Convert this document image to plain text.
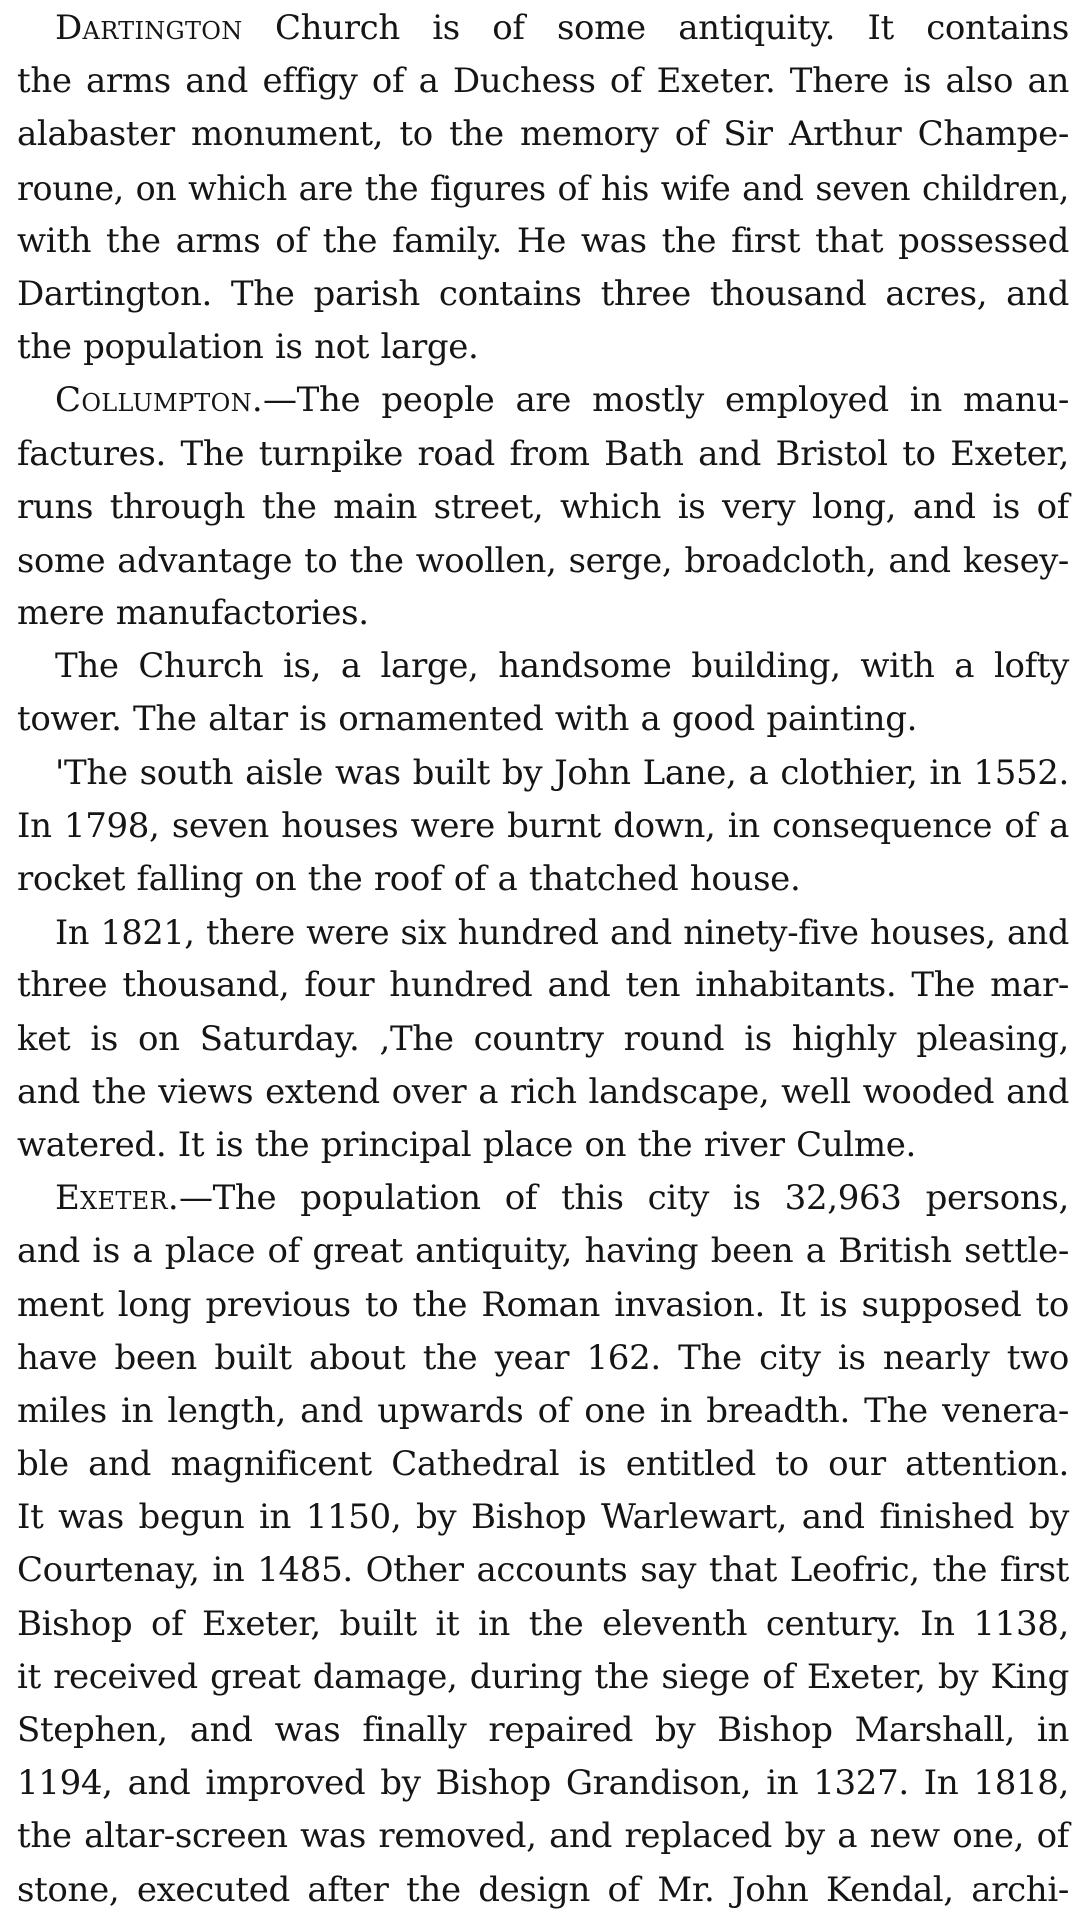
Dartington Church is of some antiquity. It contains
the arms and effigy of a Duchess of Exeter. There is also an
alabaster monument, to the memory of Sir Arthur Champe-
roune, on which are the figures of his wife and seven children,
with the arms of the family. He was the first that possessed
Dartington. The parish contains three thousand acres, and
the population is not large.
Collumpton.—The people are mostly employed in manu-
factures. The turnpike road from Bath and Bristol to Exeter,
runs through the main street, which is very long, and is of
some advantage to the woollen, serge, broadcloth, and kesey-
mere manufactories.
The Church is, a large, handsome building, with a lofty
tower. The altar is ornamented with a good painting.
'The south aisle was built by John Lane, a clothier, in 1552.
In 1798, seven houses were burnt down, in consequence of a
rocket falling on the roof of a thatched house.
In 1821, there were six hundred and ninety-five houses, and
three thousand, four hundred and ten inhabitants. The mar-
ket is on Saturday. ,The country round is highly pleasing,
and the views extend over a rich landscape, well wooded and
watered. It is the principal place on the river Culme.
Exeter.—The population of this city is 32,963 persons,
and is a place of great antiquity, having been a British settle-
ment long previous to the Roman invasion. It is supposed to
have been built about the year 162. The city is nearly two
miles in length, and upwards of one in breadth. The venera-
ble and magnificent Cathedral is entitled to our attention.
It was begun in 1150, by Bishop Warlewart, and finished by
Courtenay, in 1485. Other accounts say that Leofric, the first
Bishop of Exeter, built it in the eleventh century. In 1138,
it received great damage, during the siege of Exeter, by King
Stephen, and was finally repaired by Bishop Marshall, in
1194, and improved by Bishop Grandison, in 1327. In 1818,
the altar-screen was removed, and replaced by a new one, of
stone, executed after the design of Mr. John Kendal, archi-
